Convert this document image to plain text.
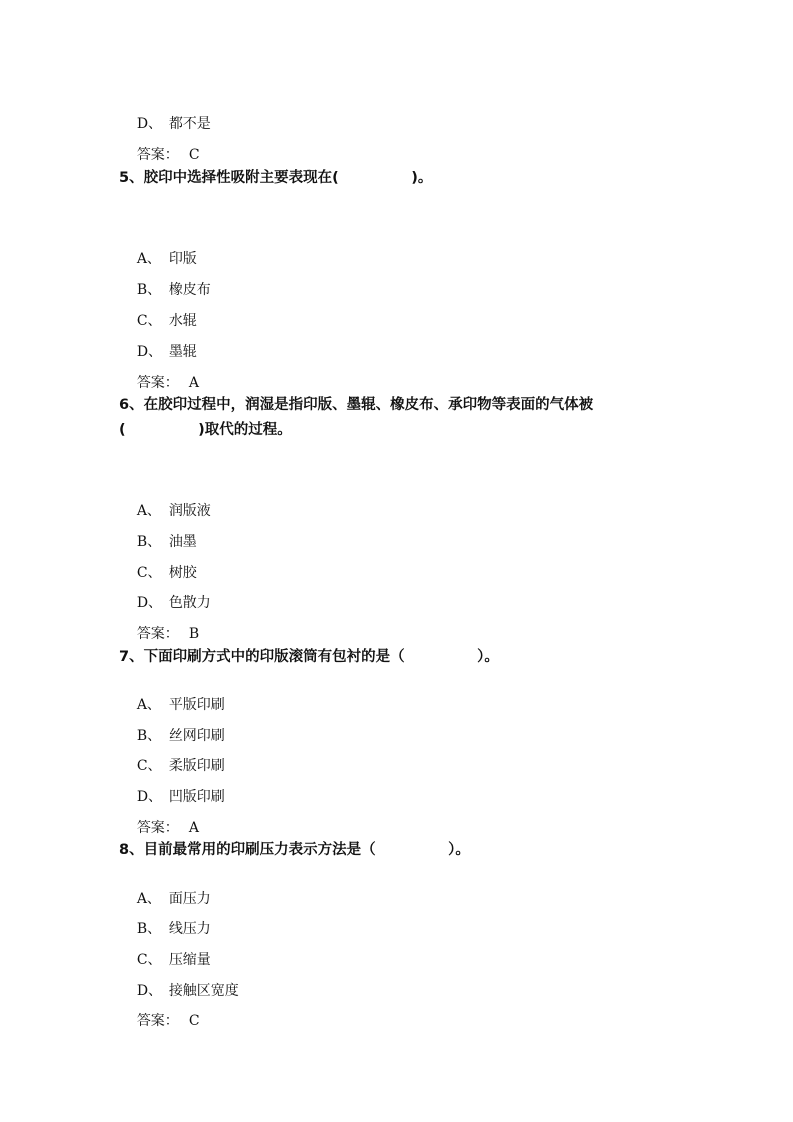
D、 都不是

答案： C

5、胶印中选择性吸附主要表现在(　　　　　)。

A、 印版

B、 橡皮布

C、 水辊

D、 墨辊

答案： A

6、在胶印过程中，润湿是指印版、墨辊、橡皮布、承印物等表面的气体被
(　　　　　)取代的过程。

A、 润版液

B、 油墨

C、 树胶

D、 色散力

答案： B

7、下面印刷方式中的印版滚筒有包衬的是（　　　　　）。

A、 平版印刷

B、 丝网印刷

C、 柔版印刷

D、 凹版印刷

答案： A

8、目前最常用的印刷压力表示方法是（　　　　　）。

A、 面压力

B、 线压力

C、 压缩量

D、 接触区宽度

答案： C
